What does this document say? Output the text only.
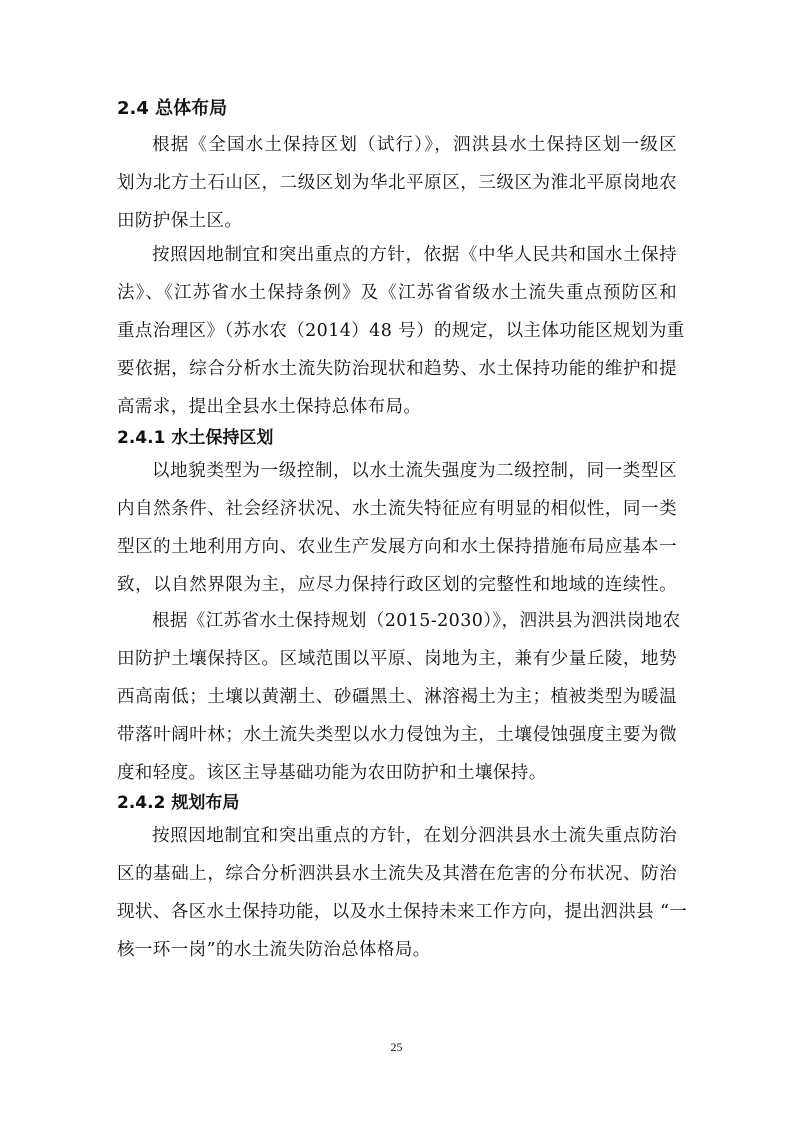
2.4 总体布局
根据《全国水土保持区划（试行）》，泗洪县水土保持区划一级区
划为北方土石山区，二级区划为华北平原区，三级区为淮北平原岗地农
田防护保土区。
按照因地制宜和突出重点的方针，依据《中华人民共和国水土保持
法》、《江苏省水土保持条例》及《江苏省省级水土流失重点预防区和
重点治理区》（苏水农（2014）48 号）的规定，以主体功能区规划为重
要依据，综合分析水土流失防治现状和趋势、水土保持功能的维护和提
高需求，提出全县水土保持总体布局。
2.4.1 水土保持区划
以地貌类型为一级控制，以水土流失强度为二级控制，同一类型区
内自然条件、社会经济状况、水土流失特征应有明显的相似性，同一类
型区的土地利用方向、农业生产发展方向和水土保持措施布局应基本一
致，以自然界限为主，应尽力保持行政区划的完整性和地域的连续性。
根据《江苏省水土保持规划（2015-2030）》，泗洪县为泗洪岗地农
田防护土壤保持区。区域范围以平原、岗地为主，兼有少量丘陵，地势
西高南低；土壤以黄潮土、砂礓黑土、淋溶褐土为主；植被类型为暖温
带落叶阔叶林；水土流失类型以水力侵蚀为主，土壤侵蚀强度主要为微
度和轻度。该区主导基础功能为农田防护和土壤保持。
2.4.2 规划布局
按照因地制宜和突出重点的方针，在划分泗洪县水土流失重点防治
区的基础上，综合分析泗洪县水土流失及其潜在危害的分布状况、防治
现状、各区水土保持功能，以及水土保持未来工作方向，提出泗洪县 “一
核一环一岗”的水土流失防治总体格局。
25
